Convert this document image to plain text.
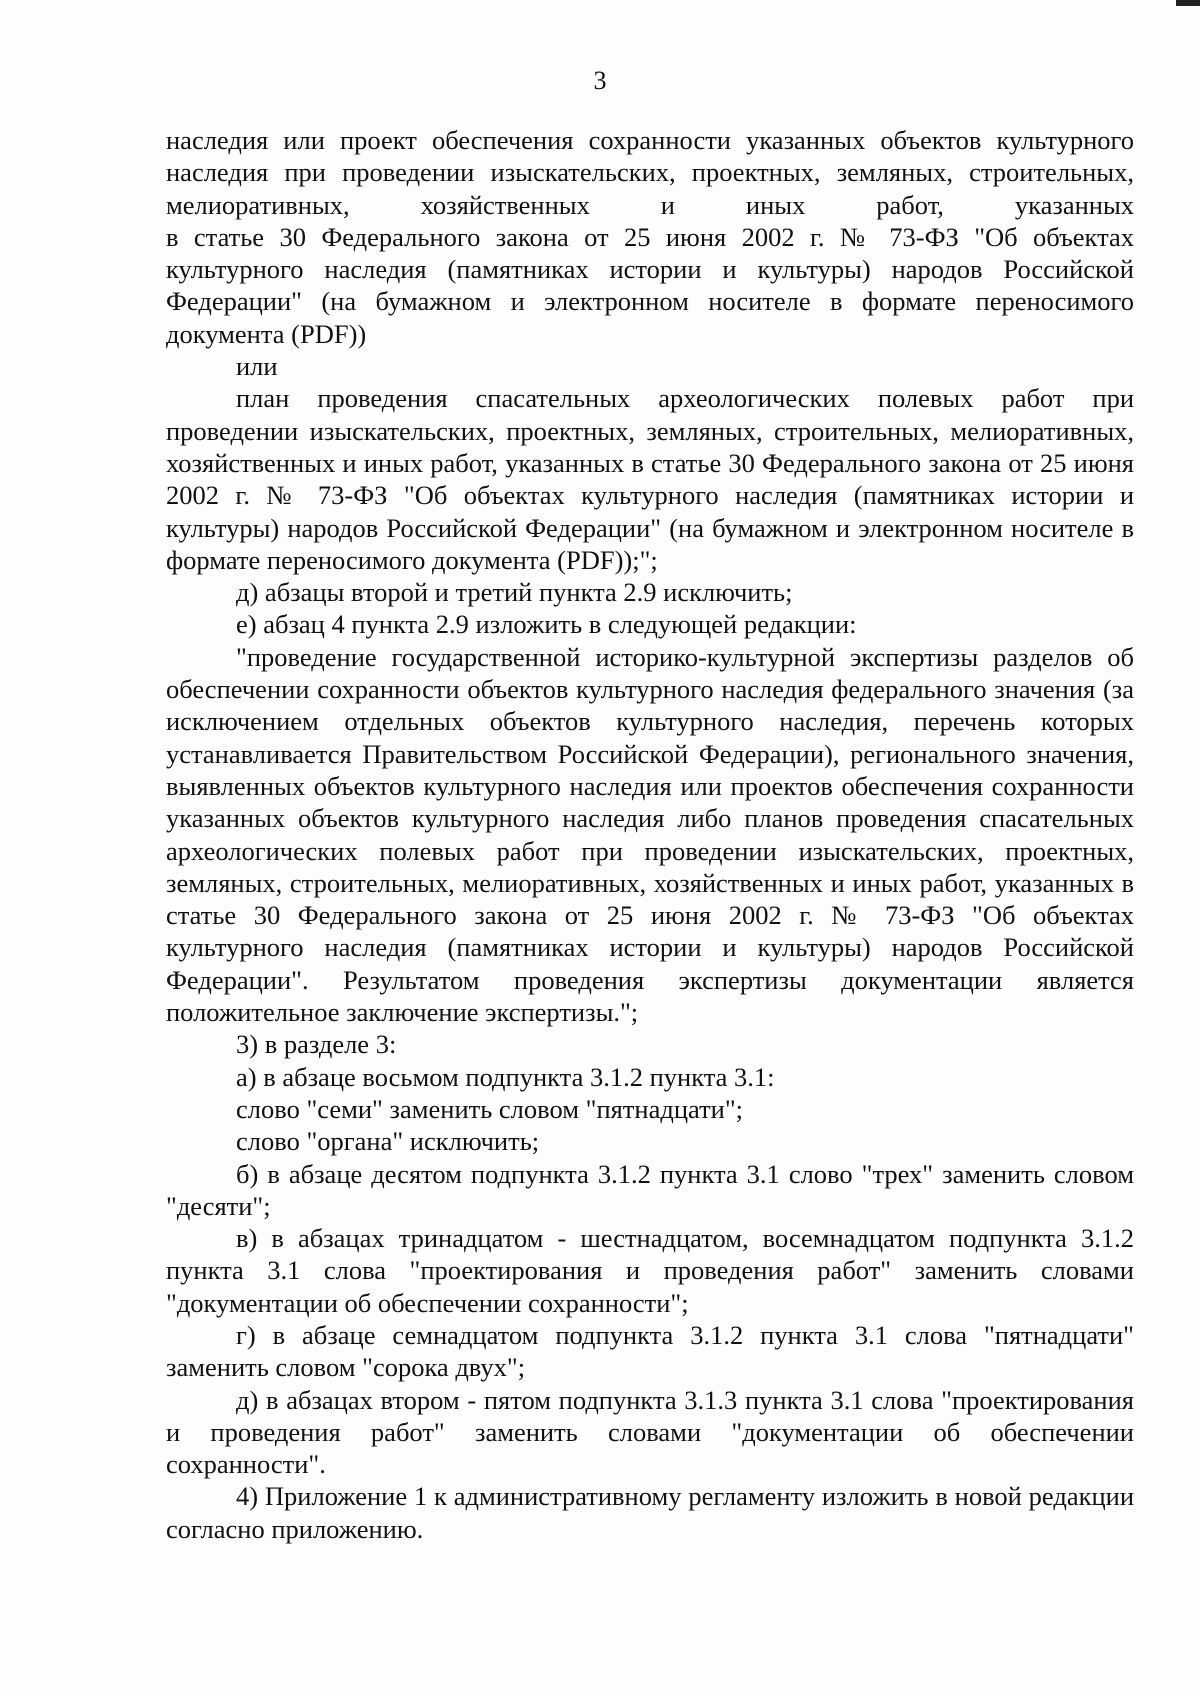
3

наследия или проект обеспечения сохранности указанных объектов культурного

наследия при проведении изыскательских, проектных, земляных, строительных,

мелиоративных, хозяйственных и иных работ, указанных

в статье 30 Федерального закона от 25 июня 2002 г. № 73-ФЗ "Об объектах

культурного наследия (памятниках истории и культуры) народов Российской

Федерации" (на бумажном и электронном носителе в формате переносимого

документа (PDF))

или

план проведения спасательных археологических полевых работ при проведении изыскательских, проектных, земляных, строительных, мелиоративных, хозяйственных и иных работ, указанных в статье 30 Федерального закона от 25 июня 2002 г. № 73-ФЗ "Об объектах культурного наследия (памятниках истории и культуры) народов Российской Федерации" (на бумажном и электронном носителе в формате переносимого документа (PDF));";

д) абзацы второй и третий пункта 2.9 исключить;

е) абзац 4 пункта 2.9 изложить в следующей редакции:

"проведение государственной историко-культурной экспертизы разделов об обеспечении сохранности объектов культурного наследия федерального значения (за исключением отдельных объектов культурного наследия, перечень которых устанавливается Правительством Российской Федерации), регионального значения, выявленных объектов культурного наследия или проектов обеспечения сохранности указанных объектов культурного наследия либо планов проведения спасательных археологических полевых работ при проведении изыскательских, проектных, земляных, строительных, мелиоративных, хозяйственных и иных работ, указанных в статье 30 Федерального закона от 25 июня 2002 г. № 73-ФЗ "Об объектах культурного наследия (памятниках истории и культуры) народов Российской Федерации". Результатом проведения экспертизы документации является положительное заключение экспертизы.";

3) в разделе 3:

а) в абзаце восьмом подпункта 3.1.2 пункта 3.1:

слово "семи" заменить словом "пятнадцати";

слово "органа" исключить;

б) в абзаце десятом подпункта 3.1.2 пункта 3.1 слово "трех" заменить словом "десяти";

в) в абзацах тринадцатом - шестнадцатом, восемнадцатом подпункта 3.1.2 пункта 3.1 слова "проектирования и проведения работ" заменить словами "документации об обеспечении сохранности";

г) в абзаце семнадцатом подпункта 3.1.2 пункта 3.1 слова "пятнадцати" заменить словом "сорока двух";

д) в абзацах втором - пятом подпункта 3.1.3 пункта 3.1 слова "проектирования и проведения работ" заменить словами "документации об обеспечении сохранности".

4) Приложение 1 к административному регламенту изложить в новой редакции согласно приложению.
